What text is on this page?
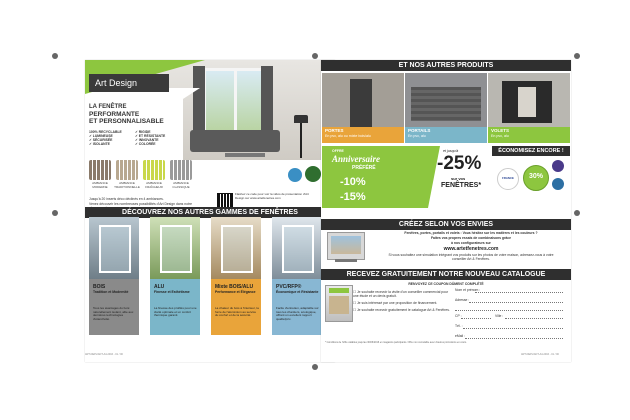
Art Design
LA FENÊTRE
PERFORMANTE
ET PERSONNALISABLE
100% RECYCLABLE
✓ LUMINEUSE
✓ SÉCURISÉE
✓ ISOLANTE
✓ RIGIDE
✓ ET RÉSISTANTE
✓ INNOVANTE
✓ COLORÉE
Jusqu'à 20 inserts déco déclinés en 4 ambiances.
Venez découvrir les nombreuses possibilités d'Art Design dans notre
Flashez ce code pour voir la vidéo de présentation d'Art Design sur www.artetfenetres.com
DÉCOUVREZ NOS AUTRES GAMMES DE FENÊTRES
ART-DEPLIANT-A4-2016 - 01 / 00
AMBIANCE MODERNE
AMBIANCE TRADITIONNELLE
AMBIANCE FRAÎCHEUR
AMBIANCE CLASSIQUE
BOIS
Tradition et Modernité
Tous les avantages du bois: naturellement isolant, allie aux dernières technologies d'étanchéité.
ALU
Finesse et Esthétisme
La finesse des profilés pour une clarté optimale et un confort thermique garanti.
Mixte BOIS/ALU
Performance et Élégance
La chaleur du bois à l'intérieur, la force de l'aluminium au service du confort et de la sécurité.
PVC/RFP®
Économique et Résistante
Facile d'entretien, adaptable sur tous les chantiers, écologique, offrant un excellent rapport qualité/prix.
ET NOS AUTRES PRODUITS
PORTES
En pvc, alu ou mixte bois/alu
PORTAILS
En pvc, alu
VOLETS
En pvc, alu
OFFRE
Anniversaire
PRÉFÉRÉ
-10%
-15%
et jusqu'à
-25%
sur vos
FENÊTRES*
ÉCONOMISEZ ENCORE !
FRANCE	30%
CRÉEZ SELON VOS ENVIES
Fenêtres, portes, portails et volets : Vous hésitez sur les matières et les couleurs ?
Faites vos propres essais de combinaisons grâce
à nos configurateurs sur
www.artetfenetres.com
Si vous souhaitez une simulation intégrant vos produits sur les photos de votre maison, adressez-vous à votre conseiller Art & Fenêtres.
RECEVEZ GRATUITEMENT NOTRE NOUVEAU CATALOGUE
RENVOYEZ CE COUPON DÛMENT COMPLÉTÉ
☐ Je souhaite recevoir la visite d'un conseiller commercial pour une étude et un devis gratuit.
☐ Je suis intéressé par une proposition de financement.
☐ Je souhaite recevoir gratuitement le catalogue Art & Fenêtres.
Nom et prénom :
Adresse :
CP :	Ville :
Tél. :
eMail :
* Conditions de l'offre valables jusqu'au 30/06/2016 en magasins participants. Offre non cumulable avec d'autres promotions en cours.
ART-DEPLIANT-A4-2016 - 01 / 00
